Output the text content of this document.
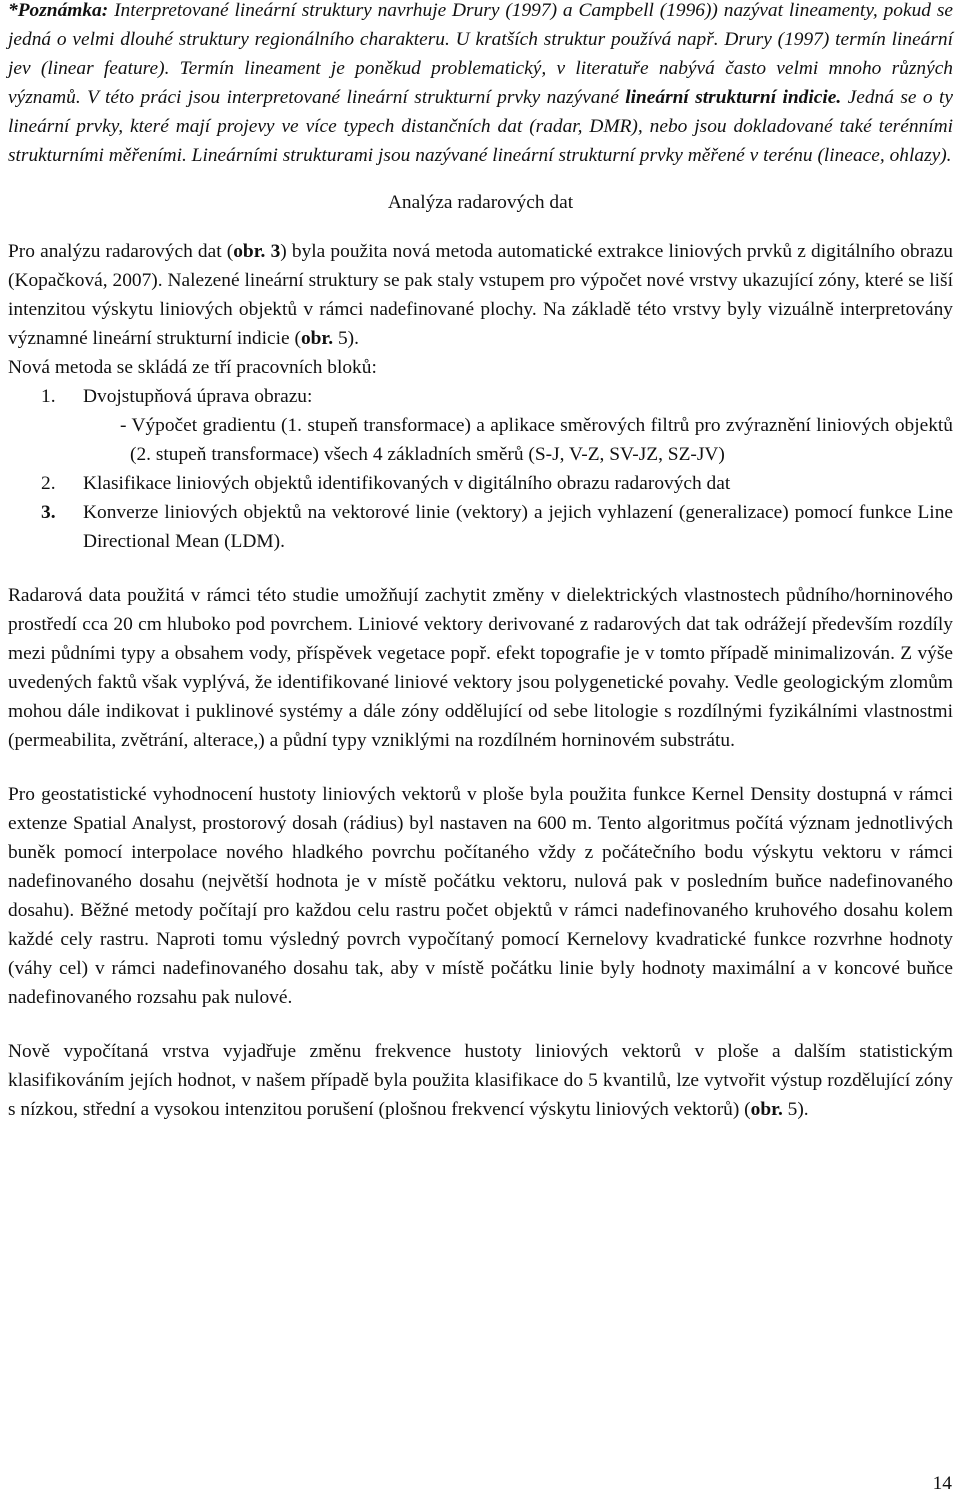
*Poznámka: Interpretované lineární struktury navrhuje Drury (1997) a Campbell (1996)) nazývat lineamenty, pokud se jedná o velmi dlouhé struktury regionálního charakteru. U kratších struktur používá např. Drury (1997) termín lineární jev (linear feature). Termín lineament je poněkud problematický, v literatuře nabývá často velmi mnoho různých významů. V této práci jsou interpretované lineární strukturní prvky nazývané lineární strukturní indicie. Jedná se o ty lineární prvky, které mají projevy ve více typech distančních dat (radar, DMR), nebo jsou dokladované také terénními strukturními měřeními. Lineárními strukturami jsou nazývané lineární strukturní prvky měřené v terénu (lineace, ohlazy).

Analýza radarových dat

Pro analýzu radarových dat (obr. 3) byla použita nová metoda automatické extrakce liniových prvků z digitálního obrazu (Kopačková, 2007). Nalezené lineární struktury se pak staly vstupem pro výpočet nové vrstvy ukazující zóny, které se liší intenzitou výskytu liniových objektů v rámci nadefinované plochy. Na základě této vrstvy byly vizuálně interpretovány významné lineární strukturní indicie (obr. 5).

Nová metoda se skládá ze tří pracovních bloků:

1. Dvojstupňová úprava obrazu:
- Výpočet gradientu (1. stupeň transformace) a aplikace směrových filtrů pro zvýraznění liniových objektů (2. stupeň transformace) všech 4 základních směrů (S-J, V-Z, SV-JZ, SZ-JV)
2. Klasifikace liniových objektů identifikovaných v digitálního obrazu radarových dat
3. Konverze liniových objektů na vektorové linie (vektory) a jejich vyhlazení (generalizace) pomocí funkce Line Directional Mean (LDM).

Radarová data použitá v rámci této studie umožňují zachytit změny v dielektrických vlastnostech půdního/horninového prostředí cca 20 cm hluboko pod povrchem. Liniové vektory derivované z radarových dat tak odrážejí především rozdíly mezi půdními typy a obsahem vody, příspěvek vegetace popř. efekt topografie je v tomto případě minimalizován. Z výše uvedených faktů však vyplývá, že identifikované liniové vektory jsou polygenetické povahy. Vedle geologickým zlomům mohou dále indikovat i puklinové systémy a dále zóny oddělující od sebe litologie s rozdílnými fyzikálními vlastnostmi (permeabilita, zvětrání, alterace,) a půdní typy vzniklými na rozdílném horninovém substrátu.

Pro geostatistické vyhodnocení hustoty liniových vektorů v ploše byla použita funkce Kernel Density dostupná v rámci extenze Spatial Analyst, prostorový dosah (rádius) byl nastaven na 600 m. Tento algoritmus počítá význam jednotlivých buněk pomocí interpolace nového hladkého povrchu počítaného vždy z počátečního bodu výskytu vektoru v rámci nadefinovaného dosahu (největší hodnota je v místě počátku vektoru, nulová pak v posledním buňce nadefinovaného dosahu). Běžné metody počítají pro každou celu rastru počet objektů v rámci nadefinovaného kruhového dosahu kolem každé cely rastru. Naproti tomu výsledný povrch vypočítaný pomocí Kernelovy kvadratické funkce rozvrhne hodnoty (váhy cel) v rámci nadefinovaného dosahu tak, aby v místě počátku linie byly hodnoty maximální a v koncové buňce nadefinovaného rozsahu pak nulové.

Nově vypočítaná vrstva vyjadřuje změnu frekvence hustoty liniových vektorů v ploše a dalším statistickým klasifikováním jejích hodnot, v našem případě byla použita klasifikace do 5 kvantilů, lze vytvořit výstup rozdělující zóny s nízkou, střední a vysokou intenzitou porušení (plošnou frekvencí výskytu liniových vektorů) (obr. 5).

14
